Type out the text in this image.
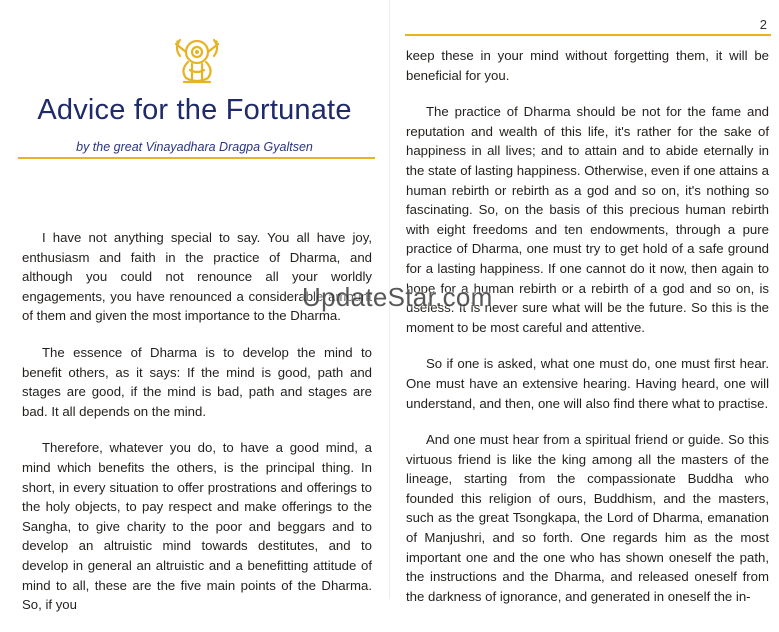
Advice for the Fortunate
by the great Vinayadhara Dragpa Gyaltsen

I have not anything special to say. You all have joy, enthusiasm and faith in the practice of Dharma, and although you could not renounce all your worldly engagements, you have renounced a considerable amount of them and given the most importance to the Dharma.

The essence of Dharma is to develop the mind to benefit others, as it says: If the mind is good, path and stages are good, if the mind is bad, path and stages are bad. It all depends on the mind.

Therefore, whatever you do, to have a good mind, a mind which benefits the others, is the principal thing. In short, in every situation to offer prostrations and offerings to the holy objects, to pay respect and make offerings to the Sangha, to give charity to the poor and beggars and to develop an altruistic mind towards destitutes, and to develop in general an altruistic and a benefitting attitude of mind to all, these are the five main points of the Dharma. So, if you

2

keep these in your mind without forgetting them, it will be beneficial for you.

The practice of Dharma should be not for the fame and reputation and wealth of this life, it's rather for the sake of happiness in all lives; and to attain and to abide eternally in the state of lasting happiness. Otherwise, even if one attains a human rebirth or rebirth as a god and so on, it's nothing so fascinating. So, on the basis of this precious human rebirth with eight freedoms and ten endowments, through a pure practice of Dharma, one must try to get hold of a safe ground for a lasting happiness. If one cannot do it now, then again to hope for a human rebirth or a rebirth of a god and so on, is useless. It is never sure what will be the future. So this is the moment to be most careful and attentive.

So if one is asked, what one must do, one must first hear. One must have an extensive hearing. Having heard, one will understand, and then, one will also find there what to practise.

And one must hear from a spiritual friend or guide. So this virtuous friend is like the king among all the masters of the lineage, starting from the compassionate Buddha who founded this religion of ours, Buddhism, and the masters, such as the great Tsongkapa, the Lord of Dharma, emanation of Manjushri, and so forth. One regards him as the most important one and the one who has shown oneself the path, the instructions and the Dharma, and released oneself from the darkness of ignorance, and generated in oneself the in-

UpdateStar.com
